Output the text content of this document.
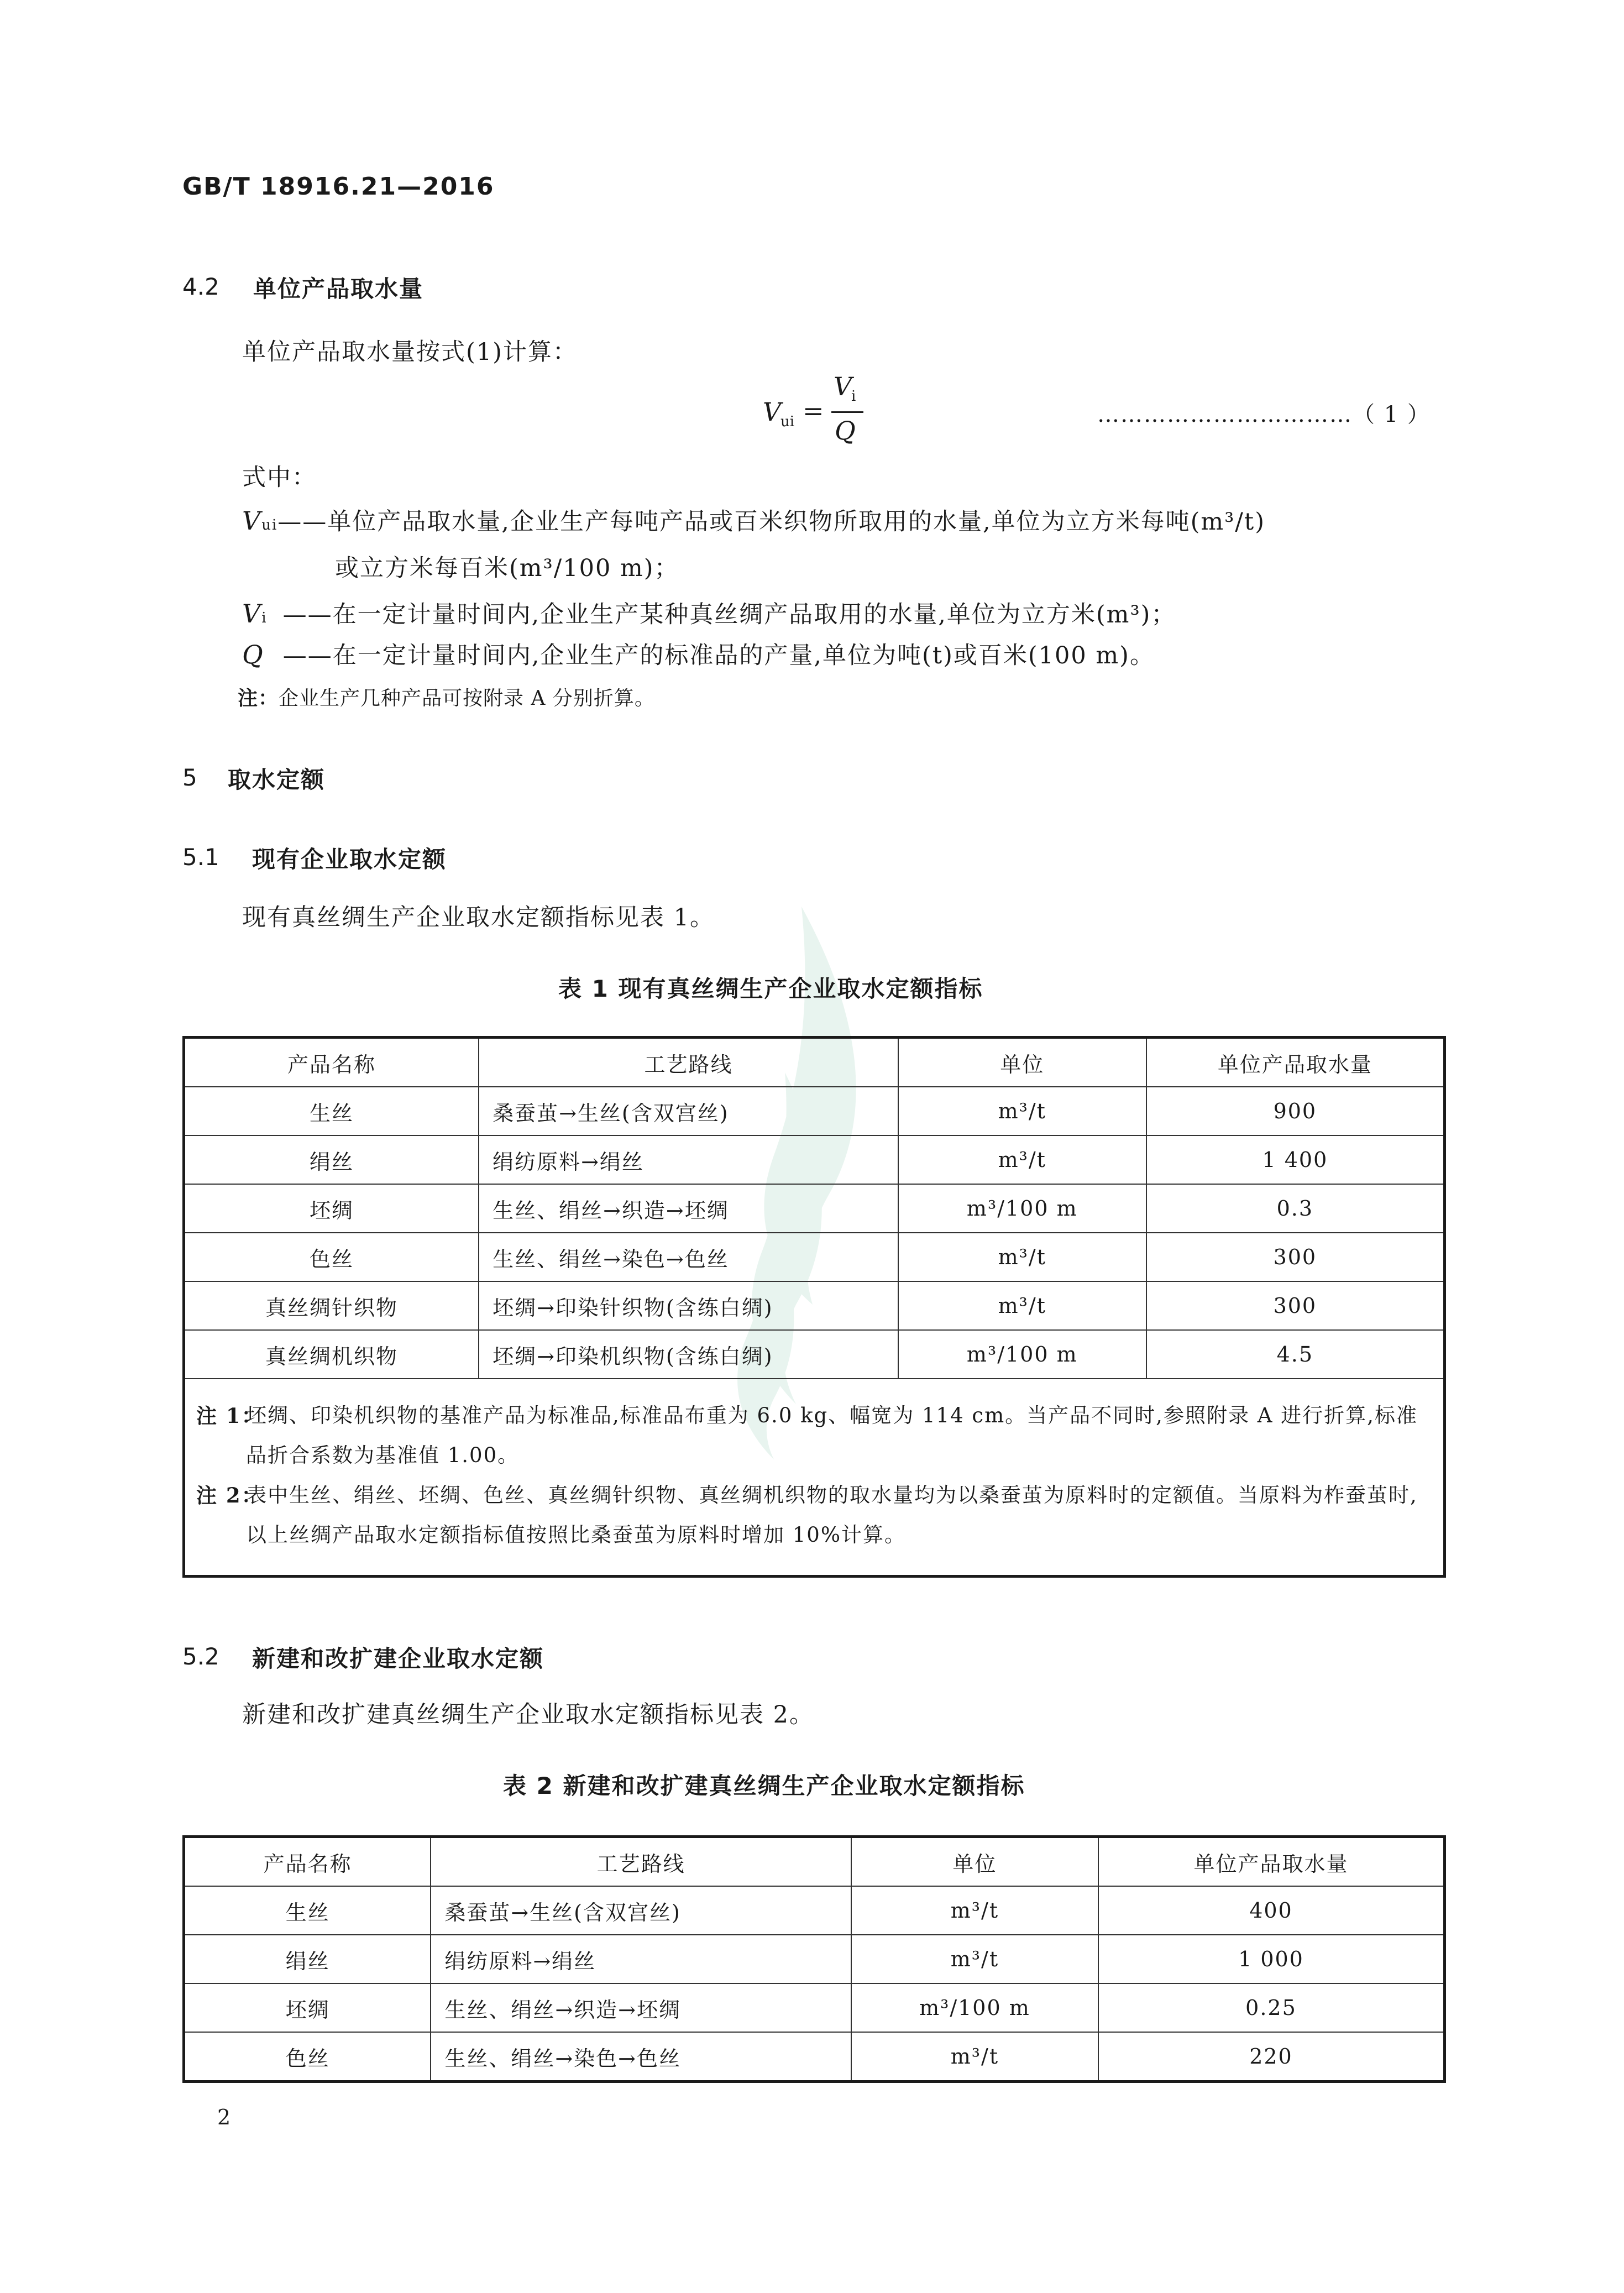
GB/T 18916.21—2016
4.2 单位产品取水量
单位产品取水量按式(1)计算：
V
ui =
V
i
Q
……………………………（ 1 ）
式中：
Vui——单位产品取水量,企业生产每吨产品或百米织物所取用的水量,单位为立方米每吨(m³/t)
或立方米每百米(m³/100 m)；
Vi ——在一定计量时间内,企业生产某种真丝绸产品取用的水量,单位为立方米(m³)；
Q ——在一定计量时间内,企业生产的标准品的产量,单位为吨(t)或百米(100 m)。
注：企业生产几种产品可按附录 A 分别折算。
5 取水定额
5.1 现有企业取水定额
现有真丝绸生产企业取水定额指标见表 1。
表 1 现有真丝绸生产企业取水定额指标
产品名称	工艺路线	单位	单位产品取水量
生丝	桑蚕茧→生丝(含双宫丝)	m³/t	900
绢丝	绢纺原料→绢丝	m³/t	1 400
坯绸	生丝、绢丝→织造→坯绸	m³/100 m	0.3
色丝	生丝、绢丝→染色→色丝	m³/t	300
真丝绸针织物	坯绸→印染针织物(含练白绸)	m³/t	300
真丝绸机织物	坯绸→印染机织物(含练白绸)	m³/100 m	4.5

注 1：
坯绸、印染机织物的基准产品为标准品,标准品布重为 6.0 kg、幅宽为 114 cm。当产品不同时,参照附录 A 进行折算,标准品折合系数为基准值 1.00。
注 2：
表中生丝、绢丝、坯绸、色丝、真丝绸针织物、真丝绸机织物的取水量均为以桑蚕茧为原料时的定额值。当原料为柞蚕茧时,以上丝绸产品取水定额指标值按照比桑蚕茧为原料时增加 10%计算。			
5.2 新建和改扩建企业取水定额
新建和改扩建真丝绸生产企业取水定额指标见表 2。
表 2 新建和改扩建真丝绸生产企业取水定额指标
产品名称	工艺路线	单位	单位产品取水量
生丝	桑蚕茧→生丝(含双宫丝)	m³/t	400
绢丝	绢纺原料→绢丝	m³/t	1 000
坯绸	生丝、绢丝→织造→坯绸	m³/100 m	0.25
色丝	生丝、绢丝→染色→色丝	m³/t	220
2
